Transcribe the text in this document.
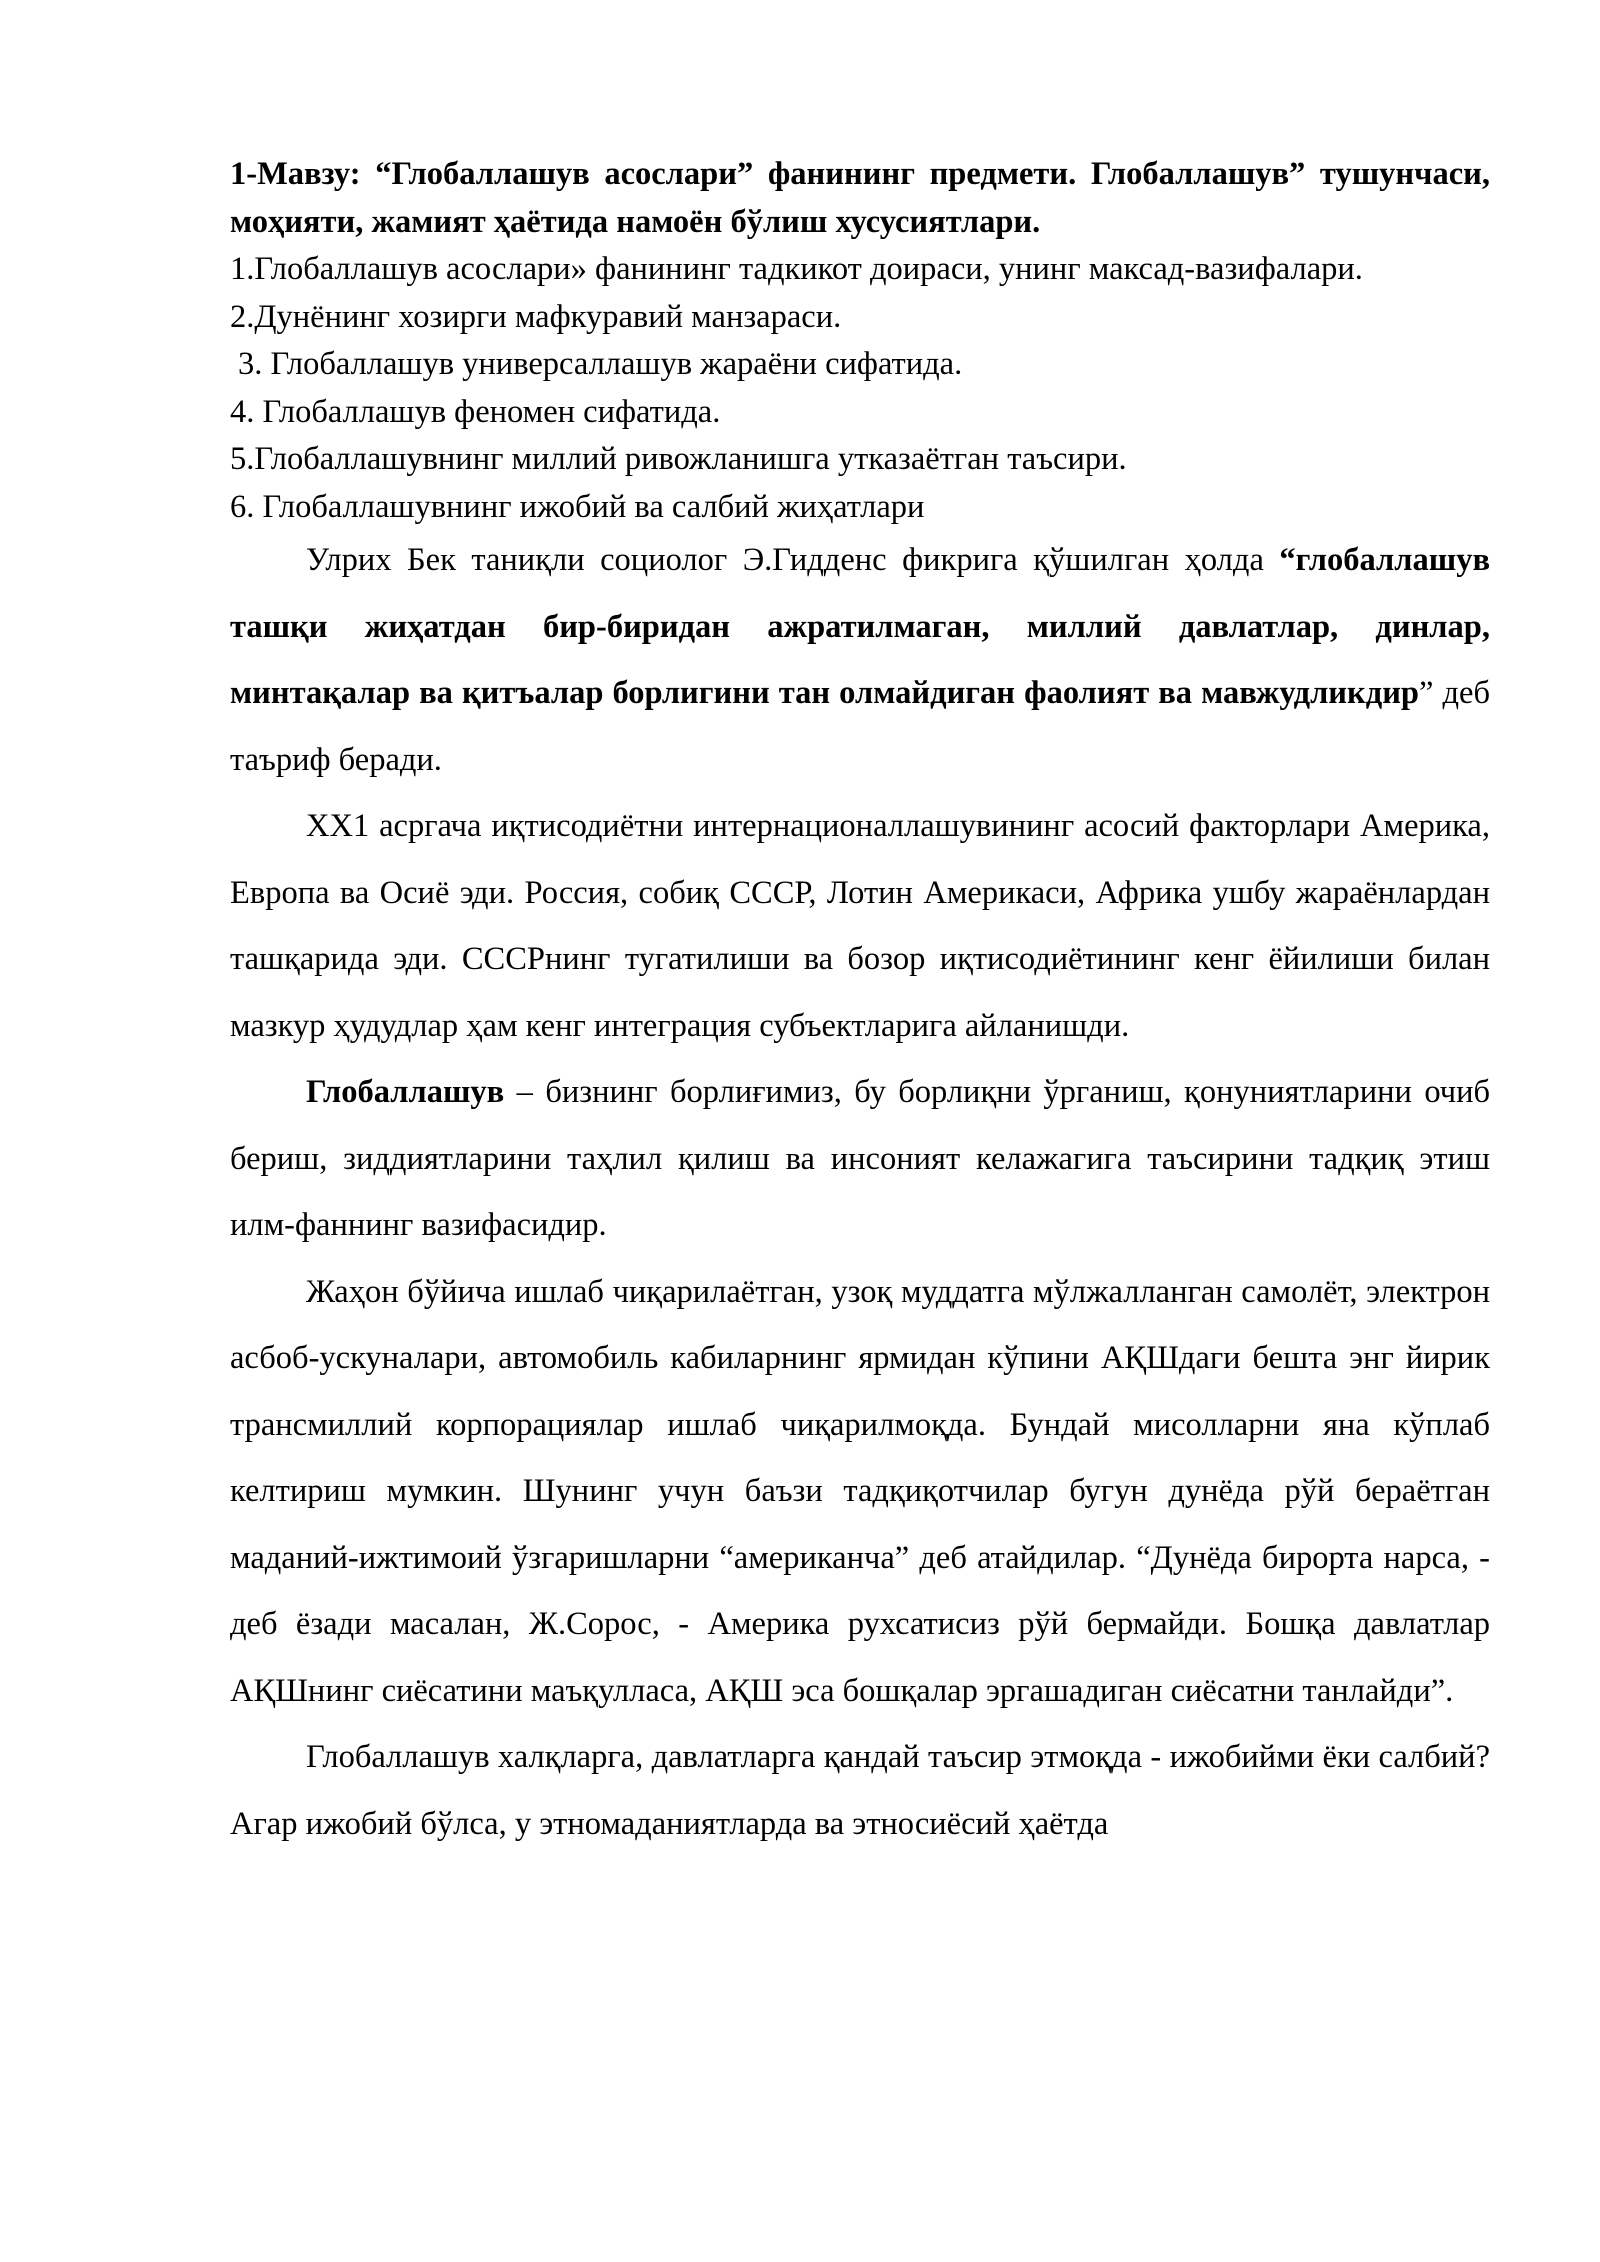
1-Мавзу: “Глобаллашув асослари” фанининг предмети. Глобаллашув” тушунчаси, моҳияти, жамият ҳаётида намоён бўлиш хусусиятлари.

1.Глобаллашув асослари» фанининг тадкикот доираси, унинг максад-вазифалари.

2.Дунёнинг хозирги мафкуравий манзараси.

3. Глобаллашув универсаллашув жараёни сифатида.

4. Глобаллашув феномен сифатида.

5.Глобаллашувнинг миллий ривожланишга утказаётган таъсири.

6. Глобаллашувнинг ижобий ва салбий жиҳатлари

Улрих Бек таниқли социолог Э.Гидденс фикрига қўшилган ҳолда “глобаллашув ташқи жиҳатдан бир-биридан ажратилмаган, миллий давлатлар, динлар, минтақалар ва қитъалар борлигини тан олмайдиган фаолият ва мавжудликдир” деб таъриф беради.

ХХ1 асргача иқтисодиётни интернационаллашувининг асосий факторлари Америка, Европа ва Осиё эди. Россия, собиқ СССР, Лотин Америкаси, Африка ушбу жараёнлардан ташқарида эди. СССРнинг тугатилиши ва бозор иқтисодиётининг кенг ёйилиши билан мазкур ҳудудлар ҳам кенг интеграция субъектларига айланишди.

Глобаллашув – бизнинг борлиғимиз, бу борлиқни ўрганиш, қонуниятларини очиб бериш, зиддиятларини таҳлил қилиш ва инсоният келажагига таъсирини тадқиқ этиш илм-фаннинг вазифасидир.

Жаҳон бўйича ишлаб чиқарилаётган, узоқ муддатга мўлжалланган самолёт, электрон асбоб-ускуналари, автомобиль кабиларнинг ярмидан кўпини АҚШдаги бешта энг йирик трансмиллий корпорациялар ишлаб чиқарилмоқда. Бундай мисолларни яна кўплаб келтириш мумкин. Шунинг учун баъзи тадқиқотчилар бугун дунёда рўй бераётган маданий-ижтимоий ўзгаришларни “американча” деб атайдилар. “Дунёда бирорта нарса, - деб ёзади масалан, Ж.Сорос, - Америка рухсатисиз рўй бермайди. Бошқа давлатлар АҚШнинг сиёсатини маъқулласа, АҚШ эса бошқалар эргашадиган сиёсатни танлайди”.

Глобаллашув халқларга, давлатларга қандай таъсир этмоқда - ижобийми ёки салбий? Агар ижобий бўлса, у этномаданиятларда ва этносиёсий ҳаётда
